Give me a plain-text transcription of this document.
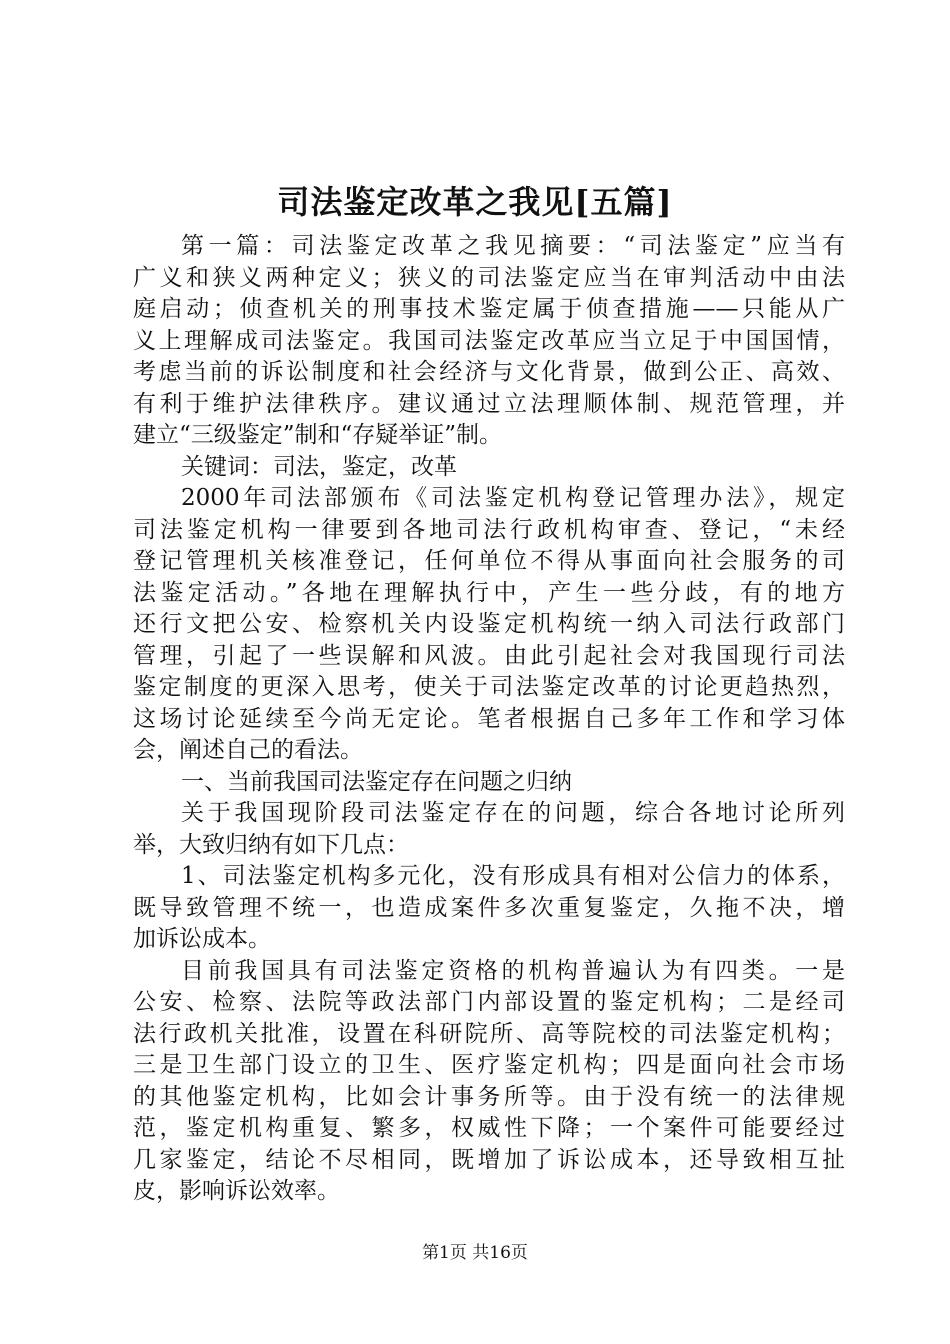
司法鉴定改革之我见[五篇]
第一篇：司法鉴定改革之我见摘要：“司法鉴定”应当有
广义和狭义两种定义；狭义的司法鉴定应当在审判活动中由法
庭启动；侦查机关的刑事技术鉴定属于侦查措施——只能从广
义上理解成司法鉴定。我国司法鉴定改革应当立足于中国国情，
考虑当前的诉讼制度和社会经济与文化背景，做到公正、高效、
有利于维护法律秩序。建议通过立法理顺体制、规范管理，并
建立“三级鉴定”制和“存疑举证”制。
关键词：司法，鉴定，改革
2000年司法部颁布《司法鉴定机构登记管理办法》，规定
司法鉴定机构一律要到各地司法行政机构审查、登记，“未经
登记管理机关核准登记，任何单位不得从事面向社会服务的司
法鉴定活动。”各地在理解执行中，产生一些分歧，有的地方
还行文把公安、检察机关内设鉴定机构统一纳入司法行政部门
管理，引起了一些误解和风波。由此引起社会对我国现行司法
鉴定制度的更深入思考，使关于司法鉴定改革的讨论更趋热烈，
这场讨论延续至今尚无定论。笔者根据自己多年工作和学习体
会，阐述自己的看法。
一、当前我国司法鉴定存在问题之归纳
关于我国现阶段司法鉴定存在的问题，综合各地讨论所列
举，大致归纳有如下几点：
1、司法鉴定机构多元化，没有形成具有相对公信力的体系，
既导致管理不统一，也造成案件多次重复鉴定，久拖不决，增
加诉讼成本。
目前我国具有司法鉴定资格的机构普遍认为有四类。一是
公安、检察、法院等政法部门内部设置的鉴定机构；二是经司
法行政机关批准，设置在科研院所、高等院校的司法鉴定机构；
三是卫生部门设立的卫生、医疗鉴定机构；四是面向社会市场
的其他鉴定机构，比如会计事务所等。由于没有统一的法律规
范，鉴定机构重复、繁多，权威性下降；一个案件可能要经过
几家鉴定，结论不尽相同，既增加了诉讼成本，还导致相互扯
皮，影响诉讼效率。
第1页 共16页
